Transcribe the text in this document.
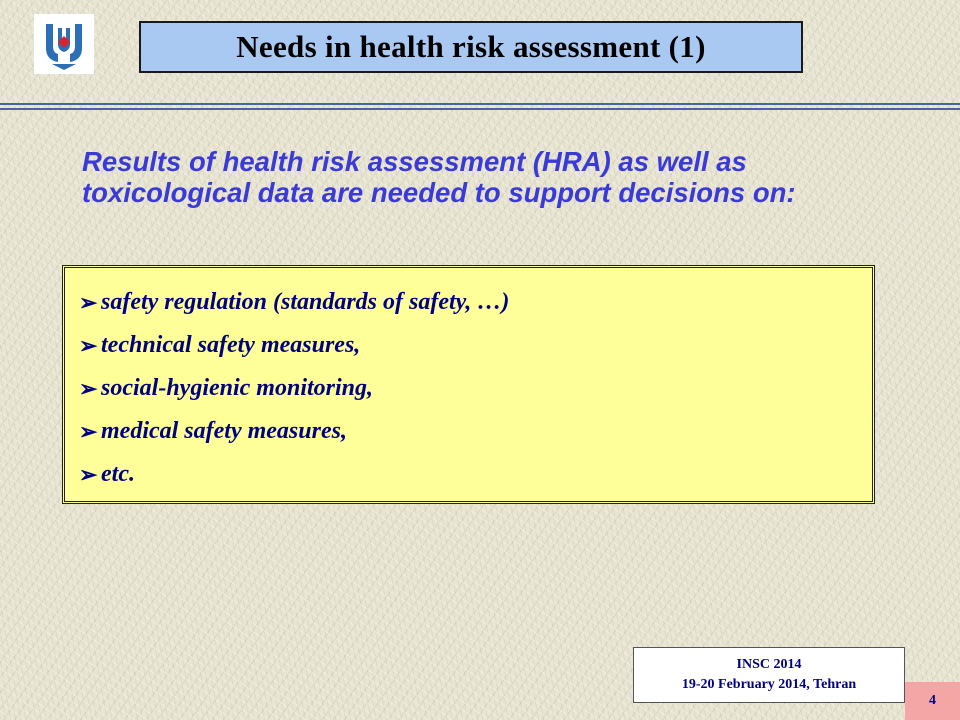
Needs in health risk assessment (1)
Results of health risk assessment (HRA) as well as toxicological data are needed to support decisions on:
➢ safety regulation (standards of safety, …)
➢ technical safety measures,
➢ social-hygienic monitoring,
➢ medical safety measures,
➢ etc.
INSC 2014
19-20 February 2014, Tehran
4
